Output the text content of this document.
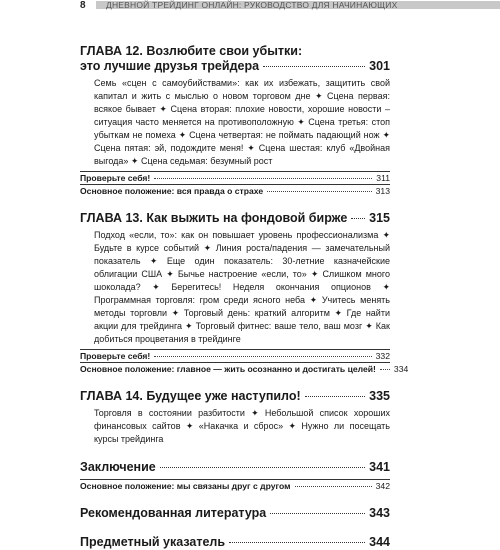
8	ДНЕВНОЙ ТРЕЙДИНГ ОНЛАЙН: РУКОВОДСТВО ДЛЯ НАЧИНАЮЩИХ
ГЛАВА 12. Возлюбите свои убытки:
это лучшие друзья трейдера	301
Семь «сцен с самоубийствами»: как их избежать, защитить свой капитал и жить с мыслью о новом торговом дне ✦ Сцена первая: всякое бывает ✦ Сцена вторая: плохие новости, хорошие новости – ситуация часто меняется на противоположную ✦ Сцена третья: стоп убыткам не помеха ✦ Сцена четвертая: не поймать падающий нож ✦ Сцена пятая: эй, подождите меня! ✦ Сцена шестая: клуб «Двойная выгода» ✦ Сцена седьмая: безумный рост
Проверьте себя!	311
Основное положение: вся правда о страхе	313
ГЛАВА 13. Как выжить на фондовой бирже 315
Подход «если, то»: как он повышает уровень профессионализма ✦ Будьте в курсе событий ✦ Линия роста/падения — замечательный показатель ✦ Еще один показатель: 30-летние казначейские облигации США ✦ Бычье настроение «если, то» ✦ Слишком много шоколада? ✦ Берегитесь! Неделя окончания опционов ✦ Программная торговля: гром среди ясного неба ✦ Учитесь менять методы торговли ✦ Торговый день: краткий алгоритм ✦ Где найти акции для трейдинга ✦ Торговый фитнес: ваше тело, ваш мозг ✦ Как добиться процветания в трейдинге
Проверьте себя!	332
Основное положение: главное — жить осознанно и достигать целей! 334
ГЛАВА 14. Будущее уже наступило!	335
Торговля в состоянии разбитости ✦ Небольшой список хороших финансовых сайтов ✦ «Накачка и сброс» ✦ Нужно ли посещать курсы трейдинга
Заключение	341
Основное положение: мы связаны друг с другом	342
Рекомендованная литература	343
Предметный указатель	344
